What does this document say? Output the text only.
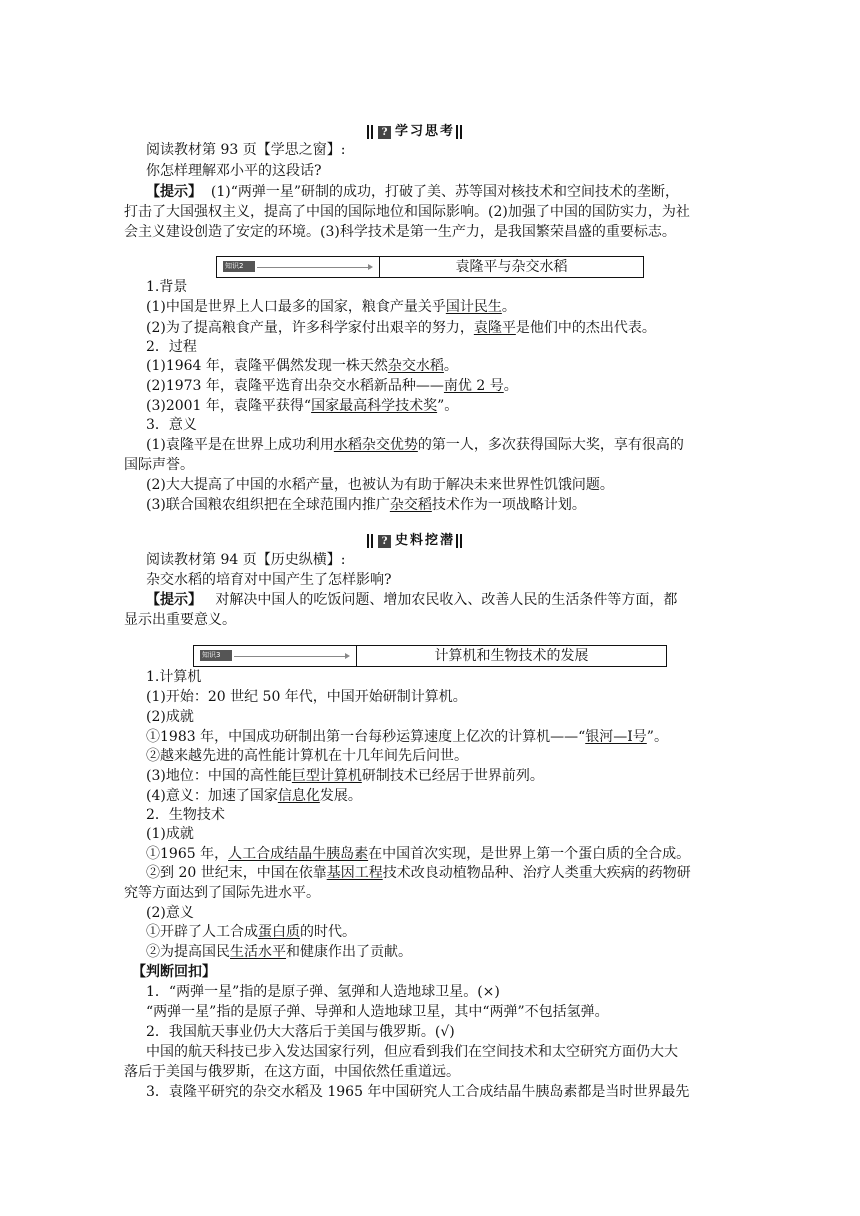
? 学习思考
阅读教材第 93 页【学思之窗】:
你怎样理解邓小平的这段话?
【提示】 (1)“两弹一星”研制的成功，打破了美、苏等国对核技术和空间技术的垄断，
打击了大国强权主义，提高了中国的国际地位和国际影响。(2)加强了中国的国防实力，为社
会主义建设创造了安定的环境。(3)科学技术是第一生产力，是我国繁荣昌盛的重要标志。
知识2	袁隆平与杂交水稻
1.背景
(1)中国是世界上人口最多的国家，粮食产量关乎国计民生。
(2)为了提高粮食产量，许多科学家付出艰辛的努力，袁隆平是他们中的杰出代表。
2．过程
(1)1964 年，袁隆平偶然发现一株天然杂交水稻。
(2)1973 年，袁隆平选育出杂交水稻新品种——南优 2 号。
(3)2001 年，袁隆平获得“国家最高科学技术奖”。
3．意义
(1)袁隆平是在世界上成功利用水稻杂交优势的第一人，多次获得国际大奖，享有很高的
国际声誉。
(2)大大提高了中国的水稻产量，也被认为有助于解决未来世界性饥饿问题。
(3)联合国粮农组织把在全球范围内推广杂交稻技术作为一项战略计划。
? 史料挖潜
阅读教材第 94 页【历史纵横】:
杂交水稻的培育对中国产生了怎样影响?
【提示】 对解决中国人的吃饭问题、增加农民收入、改善人民的生活条件等方面，都
显示出重要意义。
知识3	计算机和生物技术的发展
1.计算机
(1)开始：20 世纪 50 年代，中国开始研制计算机。
(2)成就
①1983 年，中国成功研制出第一台每秒运算速度上亿次的计算机——“银河—Ⅰ号”。
②越来越先进的高性能计算机在十几年间先后问世。
(3)地位：中国的高性能巨型计算机研制技术已经居于世界前列。
(4)意义：加速了国家信息化发展。
2．生物技术
(1)成就
①1965 年，人工合成结晶牛胰岛素在中国首次实现，是世界上第一个蛋白质的全合成。
②到 20 世纪末，中国在依靠基因工程技术改良动植物品种、治疗人类重大疾病的药物研
究等方面达到了国际先进水平。
(2)意义
①开辟了人工合成蛋白质的时代。
②为提高国民生活水平和健康作出了贡献。
【判断回扣】
1．“两弹一星”指的是原子弹、氢弹和人造地球卫星。(×)
“两弹一星”指的是原子弹、导弹和人造地球卫星，其中“两弹”不包括氢弹。
2．我国航天事业仍大大落后于美国与俄罗斯。(√)
中国的航天科技已步入发达国家行列，但应看到我们在空间技术和太空研究方面仍大大
落后于美国与俄罗斯，在这方面，中国依然任重道远。
3．袁隆平研究的杂交水稻及 1965 年中国研究人工合成结晶牛胰岛素都是当时世界最先
